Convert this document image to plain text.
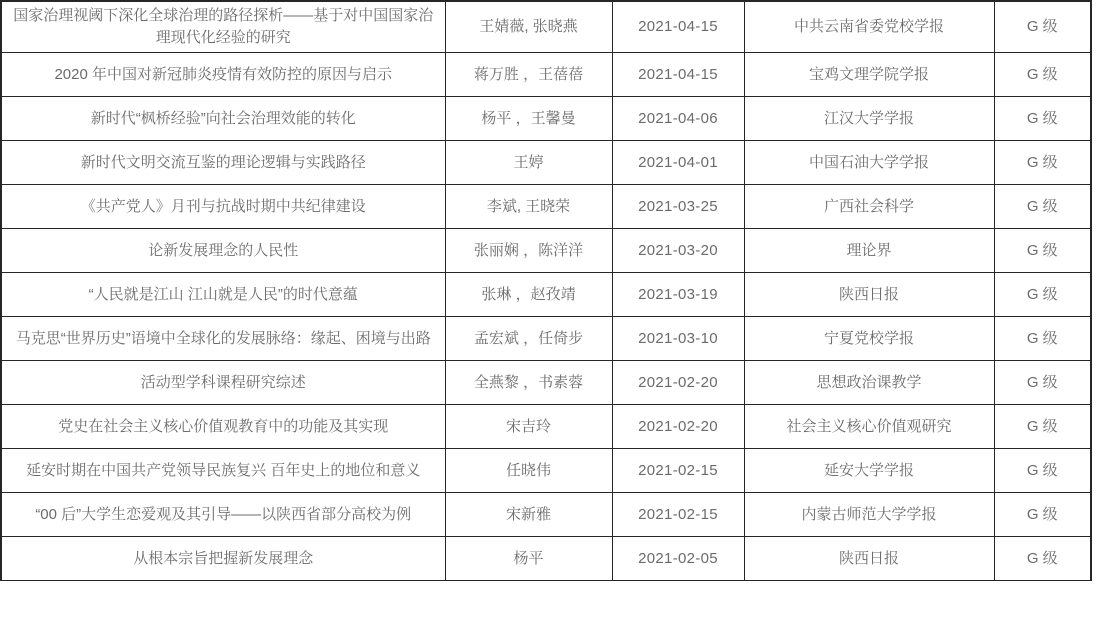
国家治理视阈下深化全球治理的路径探析——基于对中国国家治理现代化经验的研究	王婧薇, 张晓燕	2021-04-15	中共云南省委党校学报	G 级
2020 年中国对新冠肺炎疫情有效防控的原因与启示	蒋万胜 ，王蓓蓓	2021-04-15	宝鸡文理学院学报	G 级
新时代“枫桥经验”向社会治理效能的转化	杨平 ，王馨曼	2021-04-06	江汉大学学报	G 级
新时代文明交流互鉴的理论逻辑与实践路径	王婷	2021-04-01	中国石油大学学报	G 级
《共产党人》月刊与抗战时期中共纪律建设	李斌, 王晓荣	2021-03-25	广西社会科学	G 级
论新发展理念的人民性	张丽娴 ，陈洋洋	2021-03-20	理论界	G 级
“人民就是江山 江山就是人民”的时代意蕴	张琳 ，赵孜靖	2021-03-19	陕西日报	G 级
马克思“世界历史”语境中全球化的发展脉络：缘起、困境与出路	孟宏斌 ，任倚步	2021-03-10	宁夏党校学报	G 级
活动型学科课程研究综述	全燕黎 ，书素蓉	2021-02-20	思想政治课教学	G 级
党史在社会主义核心价值观教育中的功能及其实现	宋吉玲	2021-02-20	社会主义核心价值观研究	G 级
延安时期在中国共产党领导民族复兴 百年史上的地位和意义	任晓伟	2021-02-15	延安大学学报	G 级
“00 后”大学生恋爱观及其引导——以陕西省部分高校为例	宋新雅	2021-02-15	内蒙古师范大学学报	G 级
从根本宗旨把握新发展理念	杨平	2021-02-05	陕西日报	G 级
